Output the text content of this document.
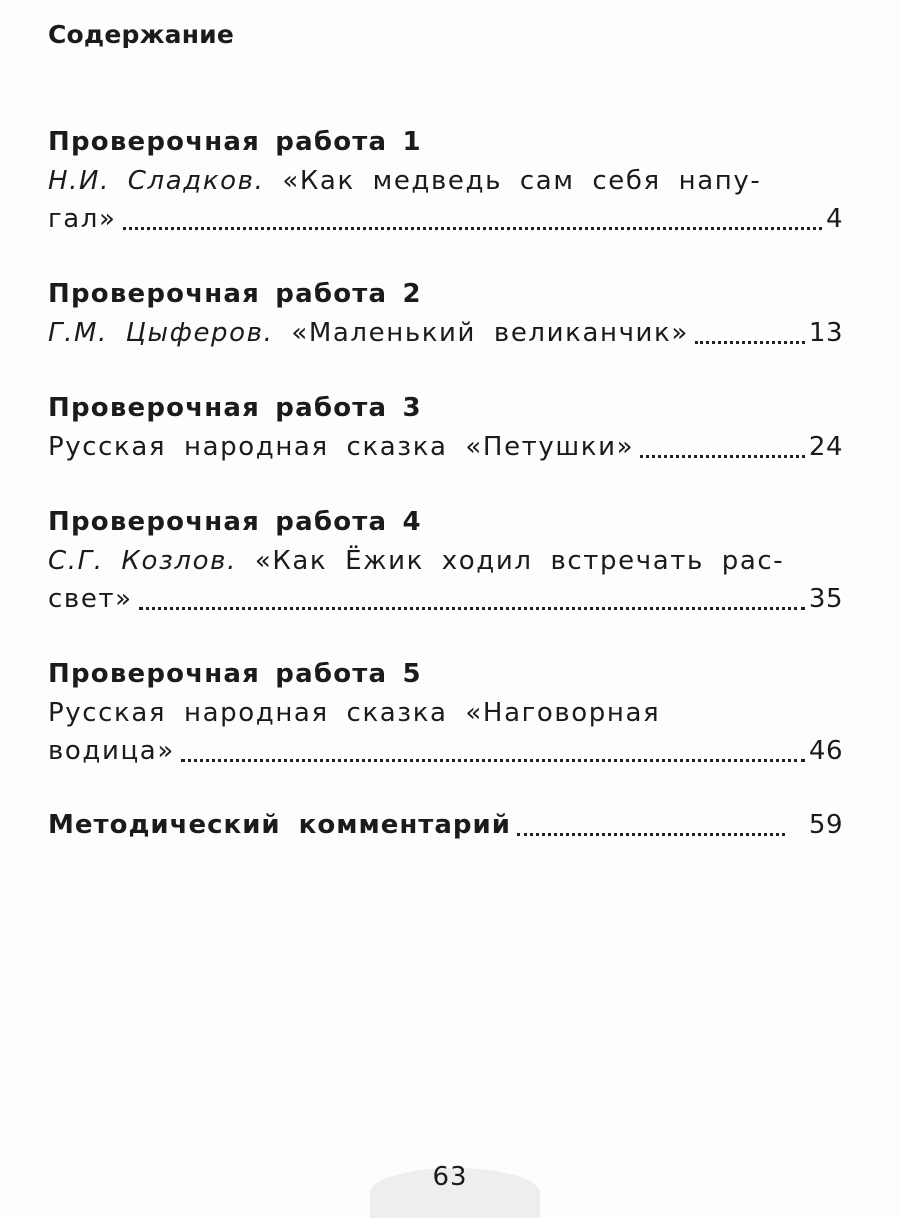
Содержание
Проверочная работа 1
Н.И. Сладков. «Как медведь сам себя напу-
гал»	4
Проверочная работа 2
Г.М. Цыферов. «Маленький великанчик»	13
Проверочная работа 3
Русская народная сказка «Петушки»	24
Проверочная работа 4
С.Г. Козлов. «Как Ёжик ходил встречать рас-
свет»	35
Проверочная работа 5
Русская народная сказка «Наговорная
водица»	46
Методический комментарий	59
63
